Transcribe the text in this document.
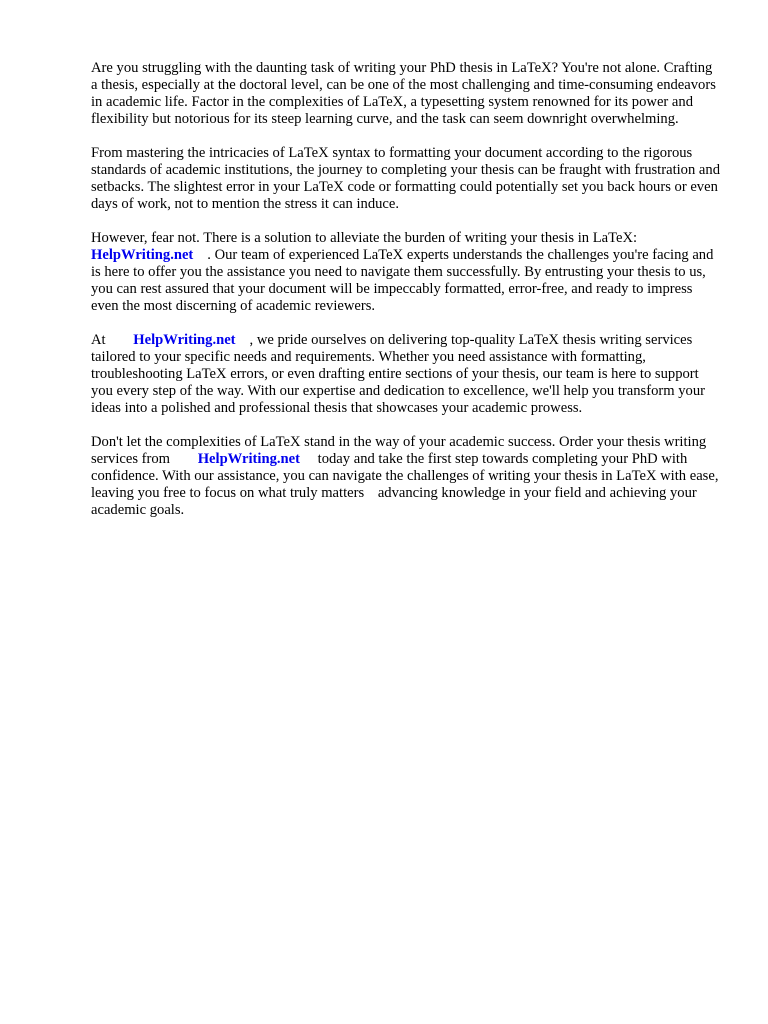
Are you struggling with the daunting task of writing your PhD thesis in LaTeX? You're not alone. Crafting a thesis, especially at the doctoral level, can be one of the most challenging and time-consuming endeavors in academic life. Factor in the complexities of LaTeX, a typesetting system renowned for its power and flexibility but notorious for its steep learning curve, and the task can seem downright overwhelming.

From mastering the intricacies of LaTeX syntax to formatting your document according to the rigorous standards of academic institutions, the journey to completing your thesis can be fraught with frustration and setbacks. The slightest error in your LaTeX code or formatting could potentially set you back hours or even days of work, not to mention the stress it can induce.

However, fear not. There is a solution to alleviate the burden of writing your thesis in LaTeX: HelpWriting.net . Our team of experienced LaTeX experts understands the challenges you're facing and is here to offer you the assistance you need to navigate them successfully. By entrusting your thesis to us, you can rest assured that your document will be impeccably formatted, error-free, and ready to impress even the most discerning of academic reviewers.

At HelpWriting.net , we pride ourselves on delivering top-quality LaTeX thesis writing services tailored to your specific needs and requirements. Whether you need assistance with formatting, troubleshooting LaTeX errors, or even drafting entire sections of your thesis, our team is here to support you every step of the way. With our expertise and dedication to excellence, we'll help you transform your ideas into a polished and professional thesis that showcases your academic prowess.

Don't let the complexities of LaTeX stand in the way of your academic success. Order your thesis writing services from HelpWriting.net today and take the first step towards completing your PhD with confidence. With our assistance, you can navigate the challenges of writing your thesis in LaTeX with ease, leaving you free to focus on what truly matters advancing knowledge in your field and achieving your academic goals.
